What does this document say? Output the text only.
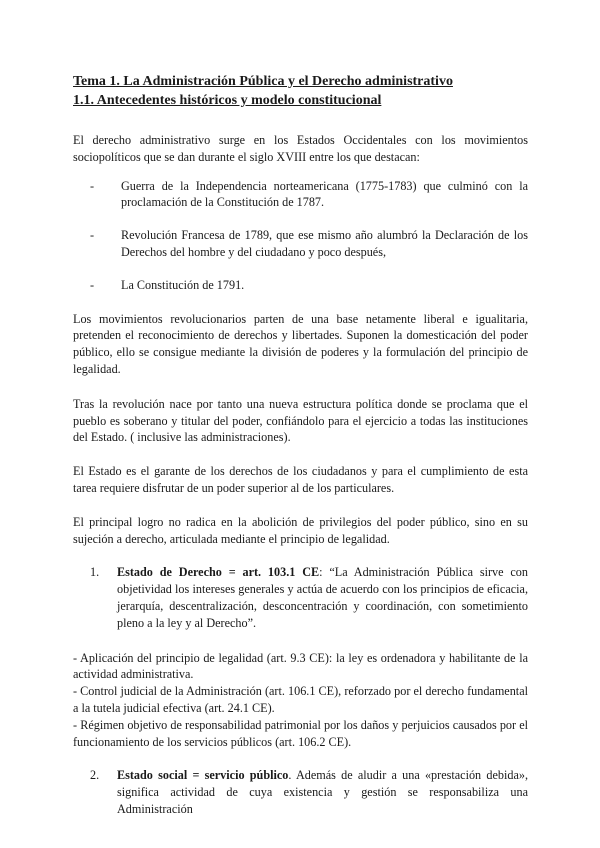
Tema 1. La Administración Pública y el Derecho administrativo
1.1. Antecedentes históricos y modelo constitucional

El derecho administrativo surge en los Estados Occidentales con los movimientos sociopolíticos que se dan durante el siglo XVIII entre los que destacan:

-	Guerra de la Independencia norteamericana (1775-1783) que culminó con la proclamación de la Constitución de 1787.
-	Revolución Francesa de 1789, que ese mismo año alumbró la Declaración de los Derechos del hombre y del ciudadano y poco después,
-	La Constitución de 1791.

Los movimientos revolucionarios parten de una base netamente liberal e igualitaria, pretenden el reconocimiento de derechos y libertades. Suponen la domesticación del poder público, ello se consigue mediante la división de poderes y la formulación del principio de legalidad.

Tras la revolución nace por tanto una nueva estructura política donde se proclama que el pueblo es soberano y titular del poder, confiándolo para el ejercicio a todas las instituciones del Estado. ( inclusive las administraciones).

El Estado es el garante de los derechos de los ciudadanos y para el cumplimiento de esta tarea requiere disfrutar de un poder superior al de los particulares.

El principal logro no radica en la abolición de privilegios del poder público, sino en su sujeción a derecho, articulada mediante el principio de legalidad.

1.	Estado de Derecho = art. 103.1 CE: “La Administración Pública sirve con objetividad los intereses generales y actúa de acuerdo con los principios de eficacia, jerarquía, descentralización, desconcentración y coordinación, con sometimiento pleno a la ley y al Derecho”.

- Aplicación del principio de legalidad (art. 9.3 CE): la ley es ordenadora y habilitante de la actividad administrativa.

- Control judicial de la Administración (art. 106.1 CE), reforzado por el derecho fundamental a la tutela judicial efectiva (art. 24.1 CE).

- Régimen objetivo de responsabilidad patrimonial por los daños y perjuicios causados por el funcionamiento de los servicios públicos (art. 106.2 CE).

2.	Estado social = servicio público. Además de aludir a una «prestación debida», significa actividad de cuya existencia y gestión se responsabiliza una Administración
